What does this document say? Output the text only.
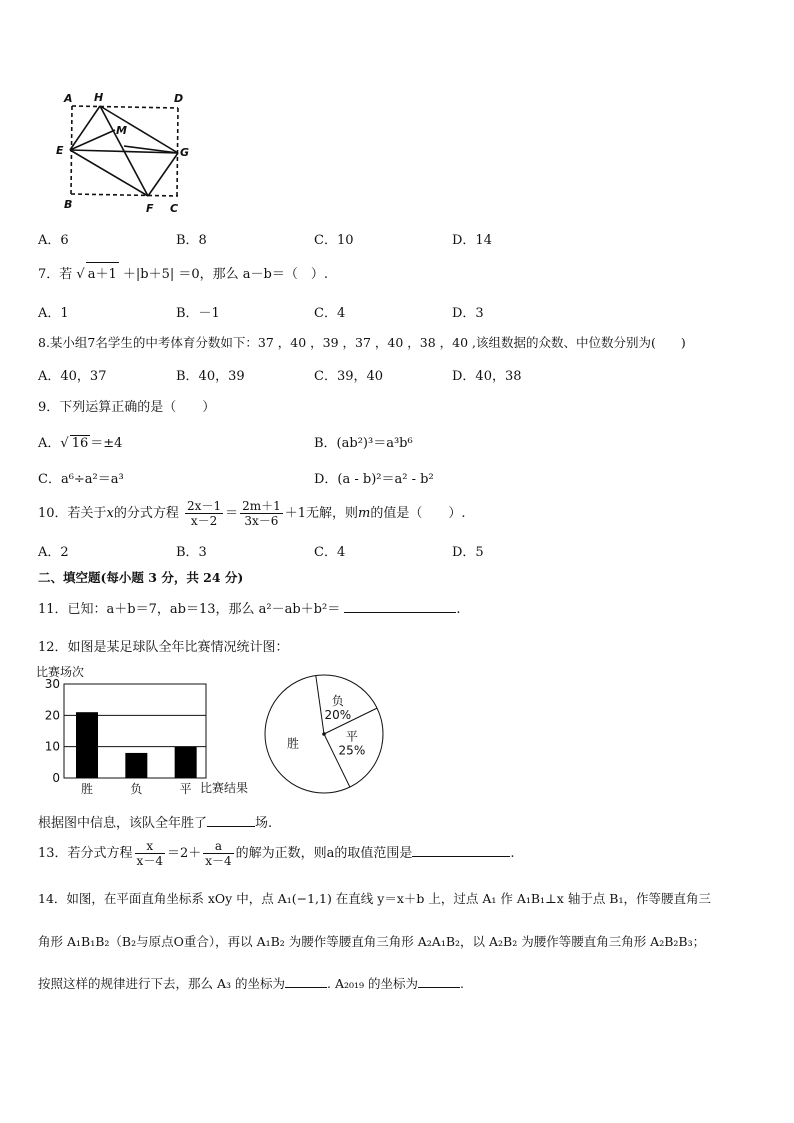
A H	D
M
E	G
B	F C
A．6	B．8	C．10	D．14
7．若 √ a＋1 ＋|b＋5| ＝0，那么 a－b＝（　）.
A．1	B．－1	C．4	D．3
8.某小组7名学生的中考体育分数如下：37 ，40 ，39 ，37 ，40 ，38 ，40 ,该组数据的众数、中位数分别为(　　)
A．40，37	B．40，39	C．39，40	D．40，38
9．下列运算正确的是（　　）
A．√ 16 ＝±4	B．(ab²)³＝a³b⁶
C．a⁶÷a²＝a³	D．(a - b)²＝a² - b²
10．若关于x的分式方程 $\frac{2x-1}{x-2} = \frac{2m+1}{3x-6} +1$无解，则m的值是（　　）.
A．2	B．3	C．4	D．5
二、填空题(每小题 3 分，共 24 分)
11．已知：a＋b＝7，ab＝13，那么 a²－ab＋b²＝	.
12．如图是某足球队全年比赛情况统计图：
比赛场次
0
10
20
30
胜	负	平 比赛结果
负
20%
平
25%
胜
根据图中信息，该队全年胜了	场.
13．若分式方程 $\frac{x}{x-4} =2+ \frac{a}{x-4}$ 的解为正数，则a的取值范围是	.
14．如图，在平面直角坐标系 xOy 中，点 A₁(−1,1) 在直线 y＝x＋b 上，过点 A₁ 作 A₁B₁⊥x 轴于点 B₁，作等腰直角三
角形 A₁B₁B₂（B₂与原点O重合），再以 A₁B₂ 为腰作等腰直角三角形 A₂A₁B₂，以 A₂B₂ 为腰作等腰直角三角形 A₂B₂B₃；
按照这样的规律进行下去，那么 A₃ 的坐标为	. A₂₀₁₉ 的坐标为	.
